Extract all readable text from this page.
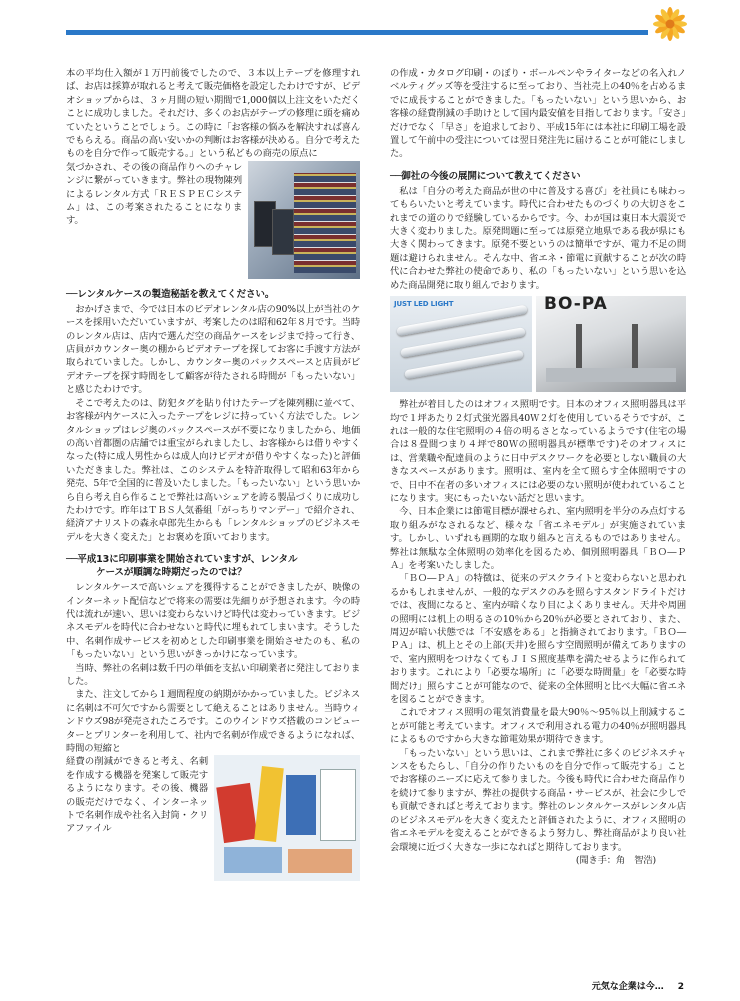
本の平均仕入額が１万円前後でしたので、３本以上テープを修理すれば、お店は採算が取れると考えて販売価格を設定したわけですが、ビデオショップからは、３ヶ月間の短い期間で1,000個以上注文をいただくことに成功しました。それだけ、多くのお店がテープの修理に頭を痛めていたということでしょう。この時に「お客様の悩みを解決すれば喜んでもらえる。商品の高い安いかの判断はお客様が決める。自分で考えたものを自分で作って販売する。」という私どもの商売の原点に

気づかされ、その後の商品作りへのチャレンジに繋がっていきます。弊社の現物陳列によるレンタル方式「ＲＥＳＰＥＣシステム」は、この考案されたることになります。

──レンタルケースの製造秘話を教えてください。

おかげさまで、今では日本のビデオレンタル店の90%以上が当社のケースを採用いただいていますが、考案したのは昭和62年８月です。当時のレンタル店は、店内で選んだ空の商品ケースをレジまで持って行き、店員がカウンター奥の棚からビデオテープを探してお客に手渡す方法が取られていました。しかし、カウンター奥のバックスペースと店員がビデオテープを探す時間をして顧客が待たされる時間が「もったいない」と感じたわけです。

そこで考えたのは、防犯タグを貼り付けたテープを陳列棚に並べて、お客様が内ケースに入ったテープをレジに持っていく方法でした。レンタルショップはレジ奥のバックスペースが不要になりましたから、地価の高い首都圏の店舗では重宝がられましたし、お客様からは借りやすくなった(特に成人男性からは成人向けビデオが借りやすくなった)と評価いただきました。弊社は、このシステムを特許取得して昭和63年から発売、5年で全国的に普及いたしました。「もったいない」という思いから自ら考え自ら作ることで弊社は高いシェアを誇る製品づくりに成功したわけです。昨年はＴＢＳ人気番組「がっちりマンデー」で紹介され、経済アナリストの森永卓郎先生からも「レンタルショップのビジネスモデルを大きく変えた」とお褒めを頂いております。

──平成13に印刷事業を開始されていますが、レンタル
ケースが順調な時期だったのでは？

レンタルケースで高いシェアを獲得することができましたが、映像のインターネット配信などで将来の需要は先細りが予想されます。今の時代は流れが速い、思いは変わらないけど時代は変わっていきます。ビジネスモデルを時代に合わせないと時代に埋もれてしまいます。そうした中、名刺作成サービスを初めとした印刷事業を開始させたのも、私の「もったいない」という思いがきっかけになっています。

当時、弊社の名刺は数千円の単価を支払い印刷業者に発注しておりました。

また、注文してから１週間程度の納期がかかっていました。ビジネスに名刺は不可欠ですから需要として絶えることはありません。当時ウィンドウズ98が発売されたころです。このウインドウズ搭載のコンピューターとプリンターを利用して、社内で名刺が作成できるようになれば、時間の短縮と

経費の削減ができると考え、名刺を作成する機器を発案して販売するようになります。その後、機器の販売だけでなく、インターネットで名刺作成や社名入封筒・クリアファイル

の作成・カタログ印刷・のぼり・ボールペンやライターなどの名入れノベルティグッズ等を受注するに至っており、当社売上の40％を占めるまでに成長することができました。「もったいない」という思いから、お客様の経費削減の手助けとして国内最安値を目指しております。「安さ」だけでなく「早さ」を追求しており、平成15年には本社に印刷工場を設置して午前中の受注については翌日発注先に届けることが可能にしました。

──御社の今後の展開について教えてください

私は「自分の考えた商品が世の中に普及する喜び」を社員にも味わってもらいたいと考えています。時代に合わせたものづくりの大切さをこれまでの道のりで経験しているからです。今、わが国は東日本大震災で大きく変わりました。原発問題に至っては原発立地県である我が県にも大きく関わってきます。原発不要というのは簡単ですが、電力不足の問題は避けられません。そんな中、省エネ・節電に貢献することが次の時代に合わせた弊社の使命であり、私の「もったいない」という思いを込めた商品開発に取り組んでおります。

JUST LED LIGHT	BO-PA

弊社が着目したのはオフィス照明です。日本のオフィス照明器具は平均で１坪あたり２灯式蛍光器具40Ｗ２灯を使用しているそうですが、これは一般的な住宅照明の４倍の明るさとなっているようです(住宅の場合は８畳間つまり４坪で80Ｗの照明器具が標準です)そのオフィスには、営業職や配達員のように日中デスクワークを必要としない職員の大きなスペースがあります。照明は、室内を全て照らす全体照明ですので、日中不在者の多いオフィスには必要のない照明が使われていることになります。実にもったいない話だと思います。

今、日本企業には節電目標が課せられ、室内照明を半分のみ点灯する取り組みがなされるなど、様々な「省エネモデル」が実施されています。しかし、いずれも画期的な取り組みと言えるものではありません。弊社は無駄な全体照明の効率化を図るため、個別照明器具「ＢＯ―ＰＡ」を考案いたしました。

「ＢＯ―ＰＡ」の特徴は、従来のデスクライトと変わらないと思われるかもしれませんが、一般的なデスクのみを照らすスタンドライトだけでは、夜間になると、室内が暗くなり目によくありません。天井や周囲の照明には机上の明るさの10％から20％が必要とされており、また、周辺が暗い状態では「不安感をある」と指摘されております。「ＢＯ―ＰＡ」は、机上とその上部(天井)を照らす空間照明が備えてありますので、室内照明をつけなくてもＪＩＳ照度基準を満たせるように作られております。これにより「必要な場所」に「必要な時間量」を「必要な時間だけ」照らすことが可能なので、従来の全体照明と比べ大幅に省エネを図ることができます。

これでオフィス照明の電気消費量を最大90％～95％以上削減することが可能と考えています。オフィスで利用される電力の40％が照明器具によるものですから大きな節電効果が期待できます。

「もったいない」という思いは、これまで弊社に多くのビジネスチャンスをもたらし、「自分の作りたいものを自分で作って販売する」ことでお客様のニーズに応えて参りました。今後も時代に合わせた商品作りを続けて参りますが、弊社の提供する商品・サービスが、社会に少しでも貢献できればと考えております。弊社のレンタルケースがレンタル店のビジネスモデルを大きく変えたと評価されたように、オフィス照明の省エネモデルを変えることができるよう努力し、弊社商品がより良い社会環境に近づく大きな一歩になればと期待しております。

(聞き手：角　智浩)

元気な企業は今… 2
